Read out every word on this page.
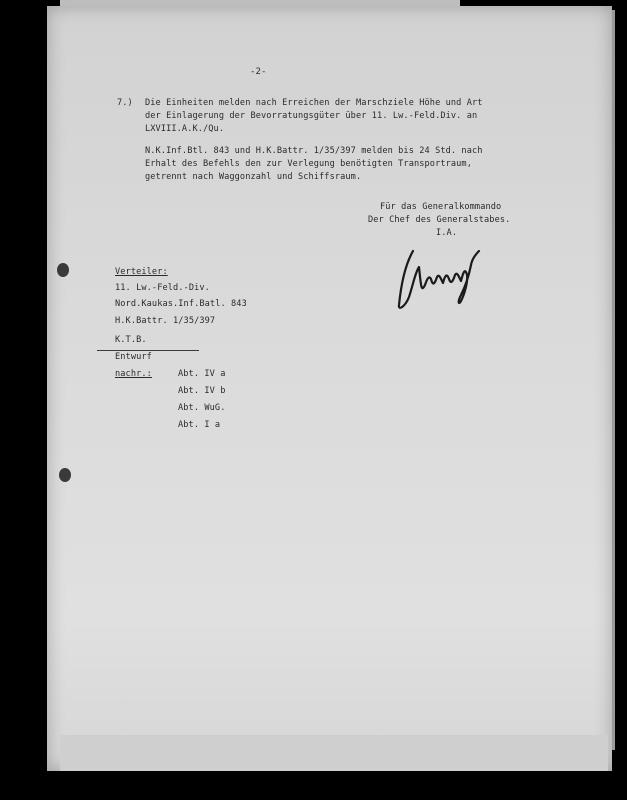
-2-
7.) Die Einheiten melden nach Erreichen der Marschziele Höhe und Art
der Einlagerung der Bevorratungsgüter über 11. Lw.-Feld.Div. an
LXVIII.A.K./Qu.
N.K.Inf.Btl. 843 und H.K.Battr. 1/35/397 melden bis 24 Std. nach
Erhalt des Befehls den zur Verlegung benötigten Transportraum,
getrennt nach Waggonzahl und Schiffsraum.
Für das Generalkommando
Der Chef des Generalstabes.
I.A.
Verteiler:
11. Lw.-Feld.-Div.
Nord.Kaukas.Inf.Batl. 843
H.K.Battr. 1/35/397
K.T.B.
Entwurf
nachr.:	Abt. IV a
Abt. IV b
Abt. WuG.
Abt. I a
